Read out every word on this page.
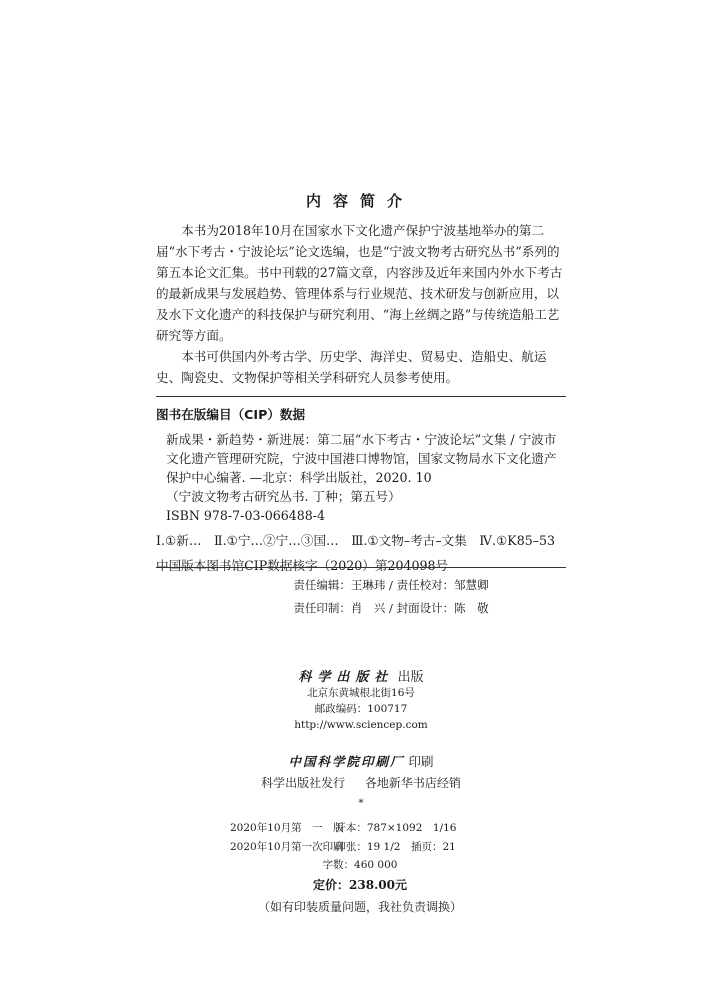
内容简介

本书为2018年10月在国家水下文化遗产保护宁波基地举办的第二届“水下考古・宁波论坛”论文选编，也是“宁波文物考古研究丛书”系列的第五本论文汇集。书中刊载的27篇文章，内容涉及近年来国内外水下考古的最新成果与发展趋势、管理体系与行业规范、技术研发与创新应用，以及水下文化遗产的科技保护与研究利用、“海上丝绸之路”与传统造船工艺研究等方面。

本书可供国内外考古学、历史学、海洋史、贸易史、造船史、航运史、陶瓷史、文物保护等相关学科研究人员参考使用。

图书在版编目（CIP）数据
新成果・新趋势・新进展：第二届“水下考古・宁波论坛”文集 / 宁波市文化遗产管理研究院，宁波中国港口博物馆，国家文物局水下文化遗产保护中心编著. —北京：科学出版社，2020. 10
（宁波文物考古研究丛书. 丁种；第五号）
ISBN 978-7-03-066488-4
Ⅰ.①新…　Ⅱ.①宁…②宁…③国…　Ⅲ.①文物–考古–文集　Ⅳ.①K85–53
中国版本图书馆CIP数据核字（2020）第204098号
责任编辑：王琳玮 / 责任校对：邹慧卿
责任印制：肖　兴 / 封面设计：陈　敬
科学出版社 出版
北京东黄城根北街16号
邮政编码：100717
http://www.sciencep.com
中国科学院印刷厂 印刷
科学出版社发行 各地新华书店经销
*
2020年10月第　一　版 开本：787×1092　1/16
2020年10月第一次印刷 印张：19 1/2　插页：21
字数：460 000
定价：238.00元
（如有印装质量问题，我社负责调换）
